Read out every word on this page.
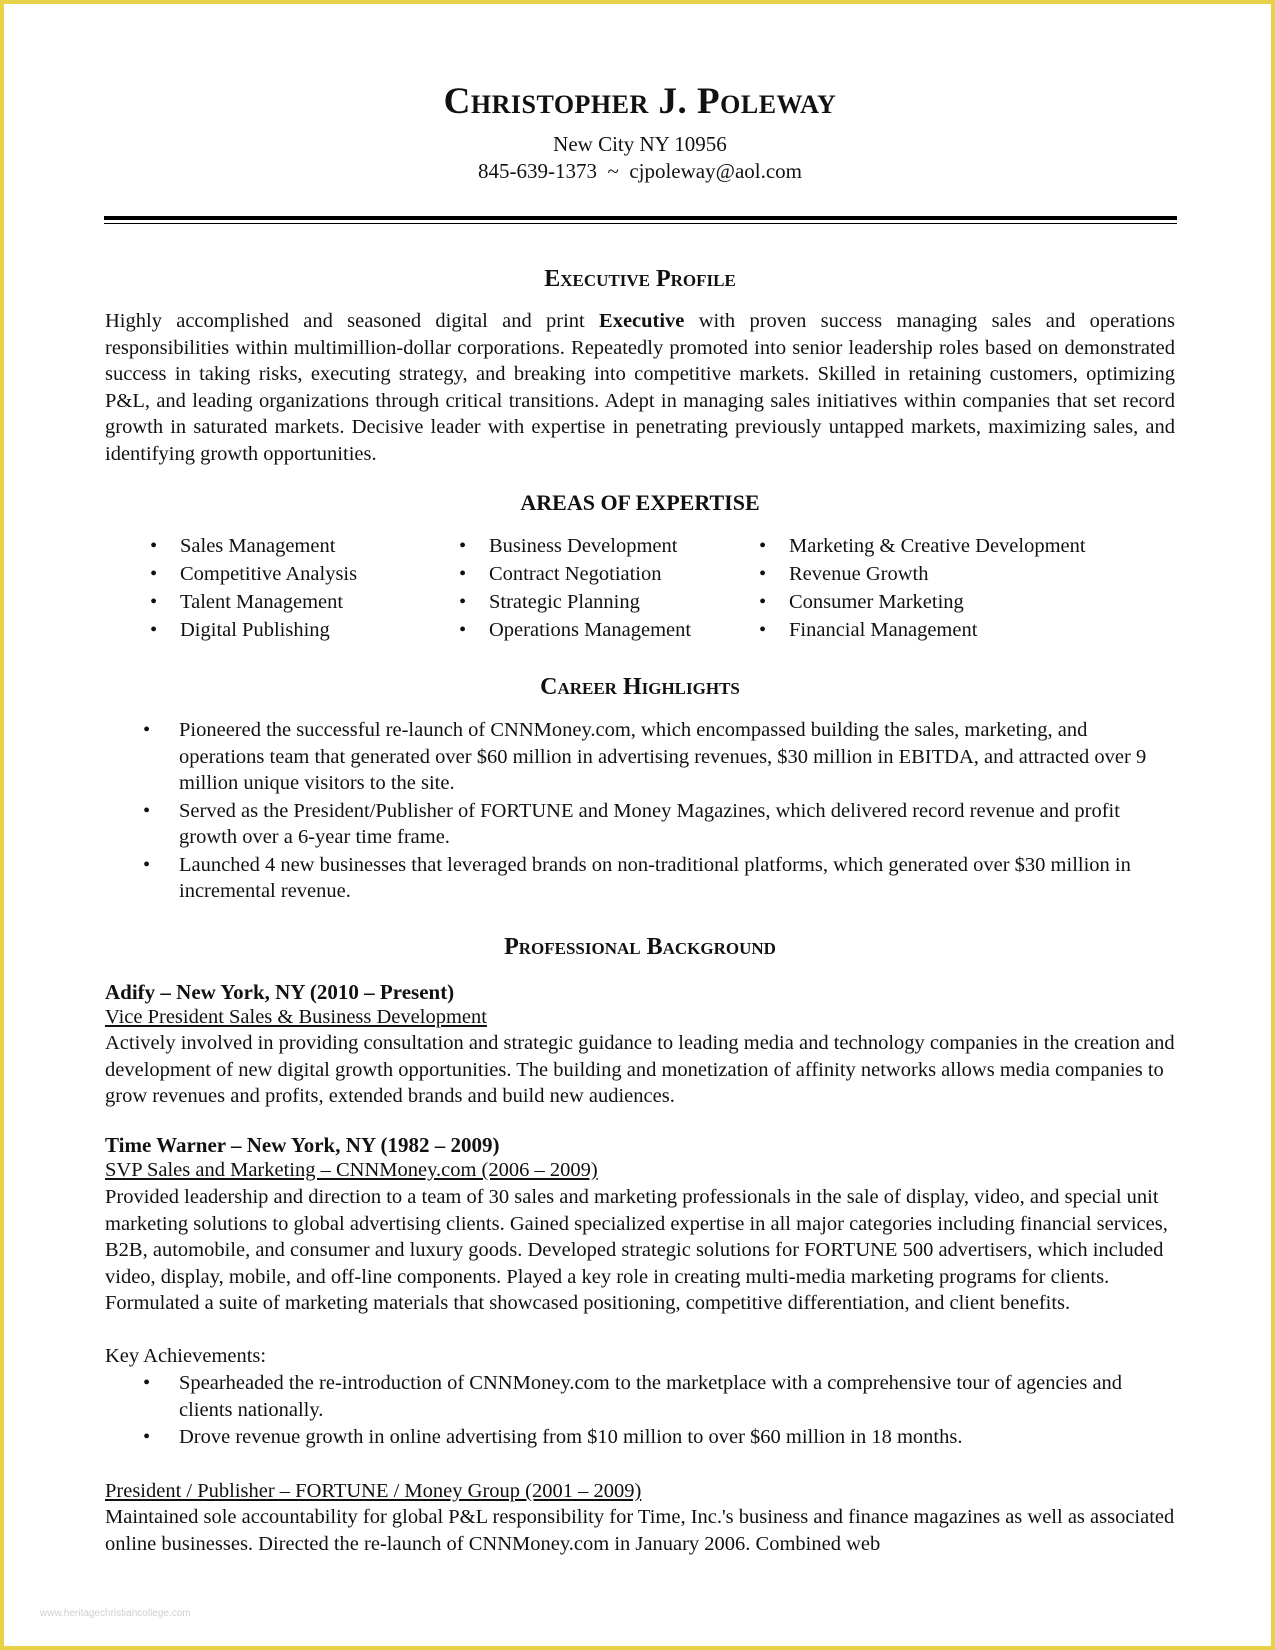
Christopher J. Poleway
New City NY 10956
845-639-1373  ~  cjpoleway@aol.com
Executive Profile
Highly accomplished and seasoned digital and print Executive with proven success managing sales and operations responsibilities within multimillion-dollar corporations. Repeatedly promoted into senior leadership roles based on demonstrated success in taking risks, executing strategy, and breaking into competitive markets. Skilled in retaining customers, optimizing P&L, and leading organizations through critical transitions. Adept in managing sales initiatives within companies that set record growth in saturated markets. Decisive leader with expertise in penetrating previously untapped markets, maximizing sales, and identifying growth opportunities.
AREAS OF EXPERTISE
• Sales Management
• Competitive Analysis
• Talent Management
• Digital Publishing
• Business Development
• Contract Negotiation
• Strategic Planning
• Operations Management
• Marketing & Creative Development
• Revenue Growth
• Consumer Marketing
• Financial Management
Career Highlights
• Pioneered the successful re-launch of CNNMoney.com, which encompassed building the sales, marketing, and operations team that generated over $60 million in advertising revenues, $30 million in EBITDA, and attracted over 9 million unique visitors to the site.
• Served as the President/Publisher of FORTUNE and Money Magazines, which delivered record revenue and profit growth over a 6-year time frame.
• Launched 4 new businesses that leveraged brands on non-traditional platforms, which generated over $30 million in incremental revenue.
Professional Background
Adify – New York, NY (2010 – Present)
Vice President Sales & Business Development
Actively involved in providing consultation and strategic guidance to leading media and technology companies in the creation and development of new digital growth opportunities. The building and monetization of affinity networks allows media companies to grow revenues and profits, extended brands and build new audiences.
Time Warner – New York, NY (1982 – 2009)
SVP Sales and Marketing – CNNMoney.com (2006 – 2009)
Provided leadership and direction to a team of 30 sales and marketing professionals in the sale of display, video, and special unit marketing solutions to global advertising clients. Gained specialized expertise in all major categories including financial services, B2B, automobile, and consumer and luxury goods. Developed strategic solutions for FORTUNE 500 advertisers, which included video, display, mobile, and off-line components. Played a key role in creating multi-media marketing programs for clients. Formulated a suite of marketing materials that showcased positioning, competitive differentiation, and client benefits.
Key Achievements:
• Spearheaded the re-introduction of CNNMoney.com to the marketplace with a comprehensive tour of agencies and clients nationally.
• Drove revenue growth in online advertising from $10 million to over $60 million in 18 months.
President / Publisher – FORTUNE / Money Group (2001 – 2009)
Maintained sole accountability for global P&L responsibility for Time, Inc.'s business and finance magazines as well as associated online businesses. Directed the re-launch of CNNMoney.com in January 2006. Combined web
www.heritagechristiancollege.com
